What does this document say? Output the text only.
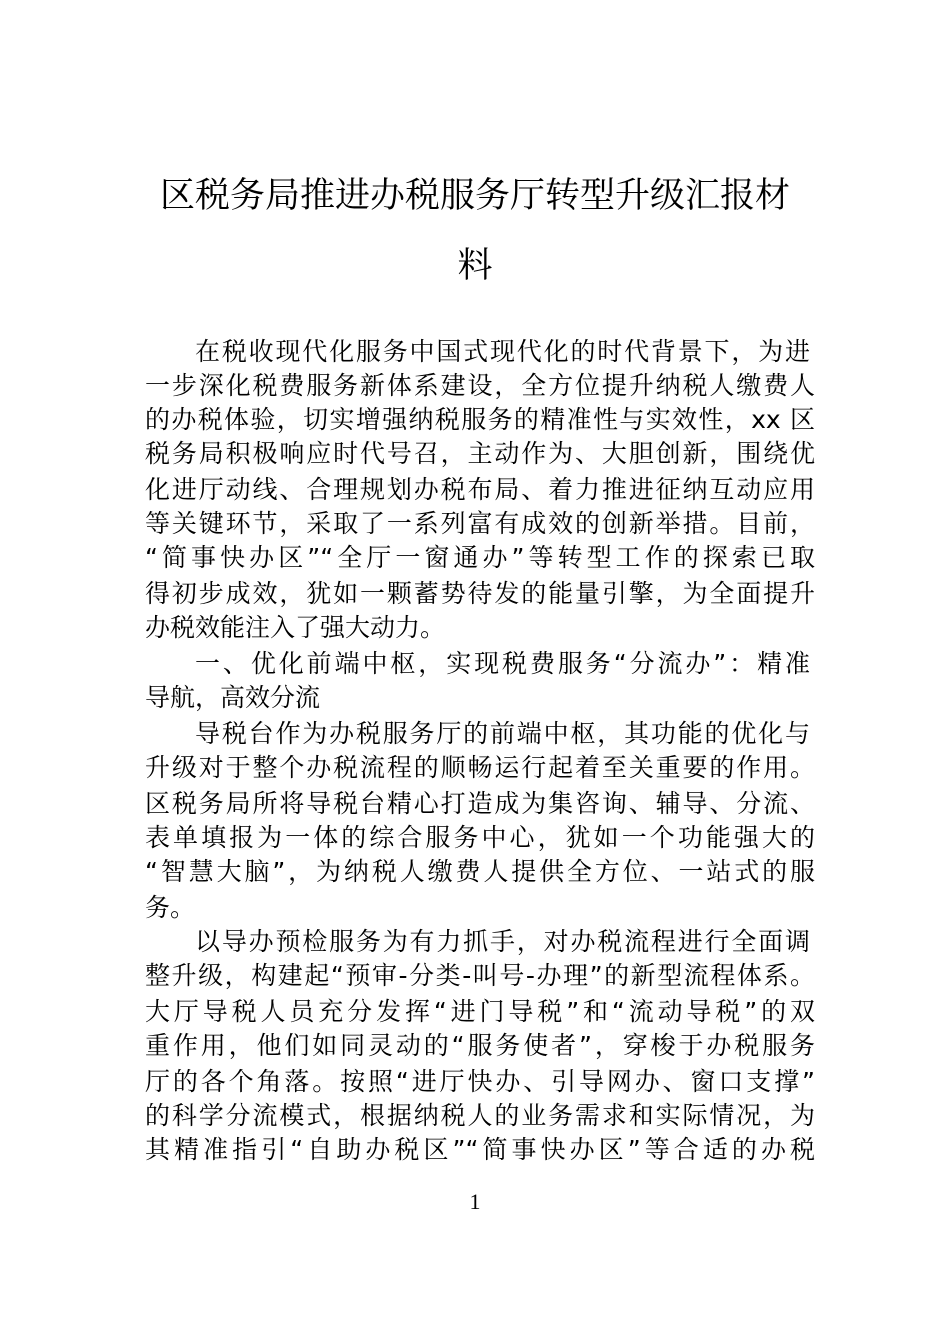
区税务局推进办税服务厅转型升级汇报材
料
在税收现代化服务中国式现代化的时代背景下，为进
一步深化税费服务新体系建设，全方位提升纳税人缴费人
的办税体验，切实增强纳税服务的精准性与实效性，xx 区
税务局积极响应时代号召，主动作为、大胆创新，围绕优
化进厅动线、合理规划办税布局、着力推进征纳互动应用
等关键环节，采取了一系列富有成效的创新举措。目前，
“简事快办区”“全厅一窗通办”等转型工作的探索已取
得初步成效，犹如一颗蓄势待发的能量引擎，为全面提升
办税效能注入了强大动力。
一、优化前端中枢，实现税费服务“分流办”：精准
导航，高效分流
导税台作为办税服务厅的前端中枢，其功能的优化与
升级对于整个办税流程的顺畅运行起着至关重要的作用。
区税务局所将导税台精心打造成为集咨询、辅导、分流、
表单填报为一体的综合服务中心，犹如一个功能强大的
“智慧大脑”，为纳税人缴费人提供全方位、一站式的服
务。
以导办预检服务为有力抓手，对办税流程进行全面调
整升级，构建起“预审-分类-叫号-办理”的新型流程体系。
大厅导税人员充分发挥“进门导税”和“流动导税”的双
重作用，他们如同灵动的“服务使者”，穿梭于办税服务
厅的各个角落。按照“进厅快办、引导网办、窗口支撑”
的科学分流模式，根据纳税人的业务需求和实际情况，为
其精准指引“自助办税区”“简事快办区”等合适的办税
1
